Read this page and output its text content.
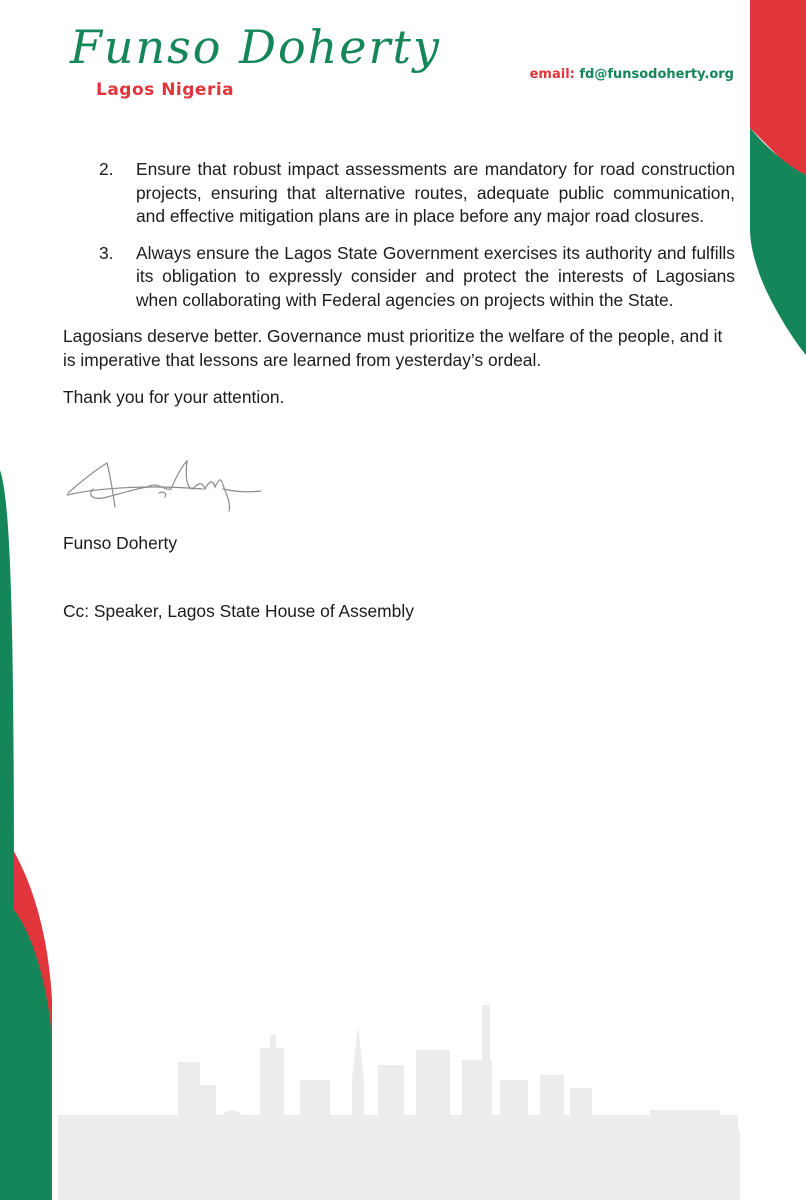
Funso Doherty
Lagos Nigeria
email: fd@funsodoherty.org
2. Ensure that robust impact assessments are mandatory for road construction projects, ensuring that alternative routes, adequate public communication, and effective mitigation plans are in place before any major road closures.
3. Always ensure the Lagos State Government exercises its authority and fulfills its obligation to expressly consider and protect the interests of Lagosians when collaborating with Federal agencies on projects within the State.

Lagosians deserve better. Governance must prioritize the welfare of the people, and it is imperative that lessons are learned from yesterday’s ordeal.

Thank you for your attention.

Funso Doherty
Cc: Speaker, Lagos State House of Assembly
